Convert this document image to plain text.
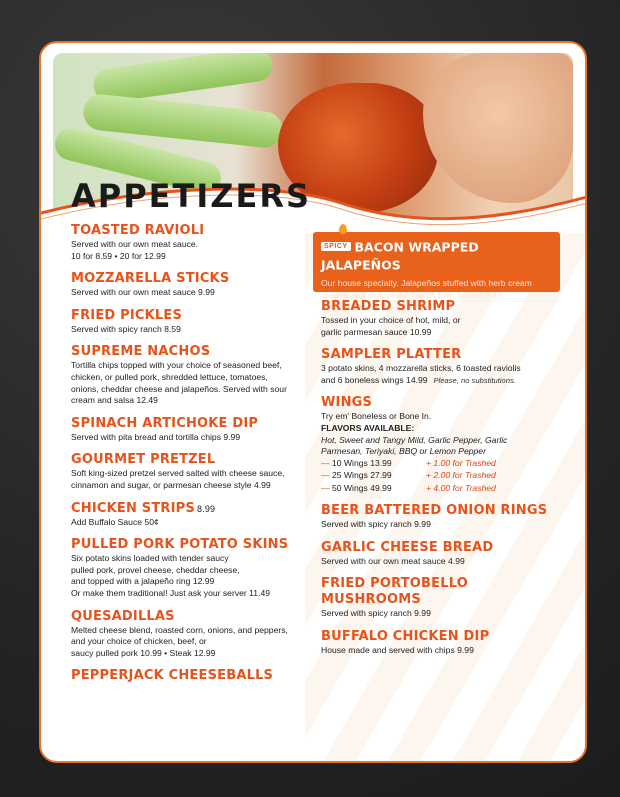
APPETIZERS
TOASTED RAVIOLI
Served with our own meat sauce.
10 for 8.59 • 20 for 12.99
MOZZARELLA STICKS
Served with our own meat sauce 9.99
FRIED PICKLES
Served with spicy ranch 8.59
SUPREME NACHOS
Tortilla chips topped with your choice of seasoned beef,
chicken, or pulled pork, shredded lettuce, tomatoes,
onions, cheddar cheese and jalapeños. Served with sour
cream and salsa 12.49
SPINACH ARTICHOKE DIP
Served with pita bread and tortilla chips 9.99
GOURMET PRETZEL
Soft king-sized pretzel served salted with cheese sauce,
cinnamon and sugar, or parmesan cheese style 4.99
CHICKEN STRIPS 8.99
Add Buffalo Sauce 50¢
PULLED PORK POTATO SKINS
Six potato skins loaded with tender saucy
pulled pork, provel cheese, cheddar cheese,
and topped with a jalapeño ring 12.99
Or make them traditional! Just ask your server 11.49
QUESADILLAS
Melted cheese blend, roasted corn, onions, and peppers,
and your choice of chicken, beef, or
saucy pulled pork 10.99 • Steak 12.99
PEPPERJACK CHEESEBALLS
SPICY BACON WRAPPED JALAPEÑOS
Our house specialty. Jalapeños stuffed with herb cream
cheese and wrapped in bacon then broiled 9.49
BREADED SHRIMP
Tossed in your choice of hot, mild, or
garlic parmesan sauce 10.99
SAMPLER PLATTER
3 potato skins, 4 mozzarella sticks, 6 toasted raviolis
and 6 boneless wings 14.99 Please, no substitutions.
WINGS
Try em' Boneless or Bone In.
FLAVORS AVAILABLE:
Hot, Sweet and Tangy Mild, Garlic Pepper, Garlic
Parmesan, Teriyaki, BBQ or Lemon Pepper
— 10 Wings 13.99	+ 1.00 for Trashed
— 25 Wings 27.99	+ 2.00 for Trashed
— 50 Wings 49.99	+ 4.00 for Trashed
BEER BATTERED ONION RINGS
Served with spicy ranch 9.99
GARLIC CHEESE BREAD
Served with our own meat sauce 4.99
FRIED PORTOBELLO MUSHROOMS
Served with spicy ranch 9.99
BUFFALO CHICKEN DIP
House made and served with chips 9.99
